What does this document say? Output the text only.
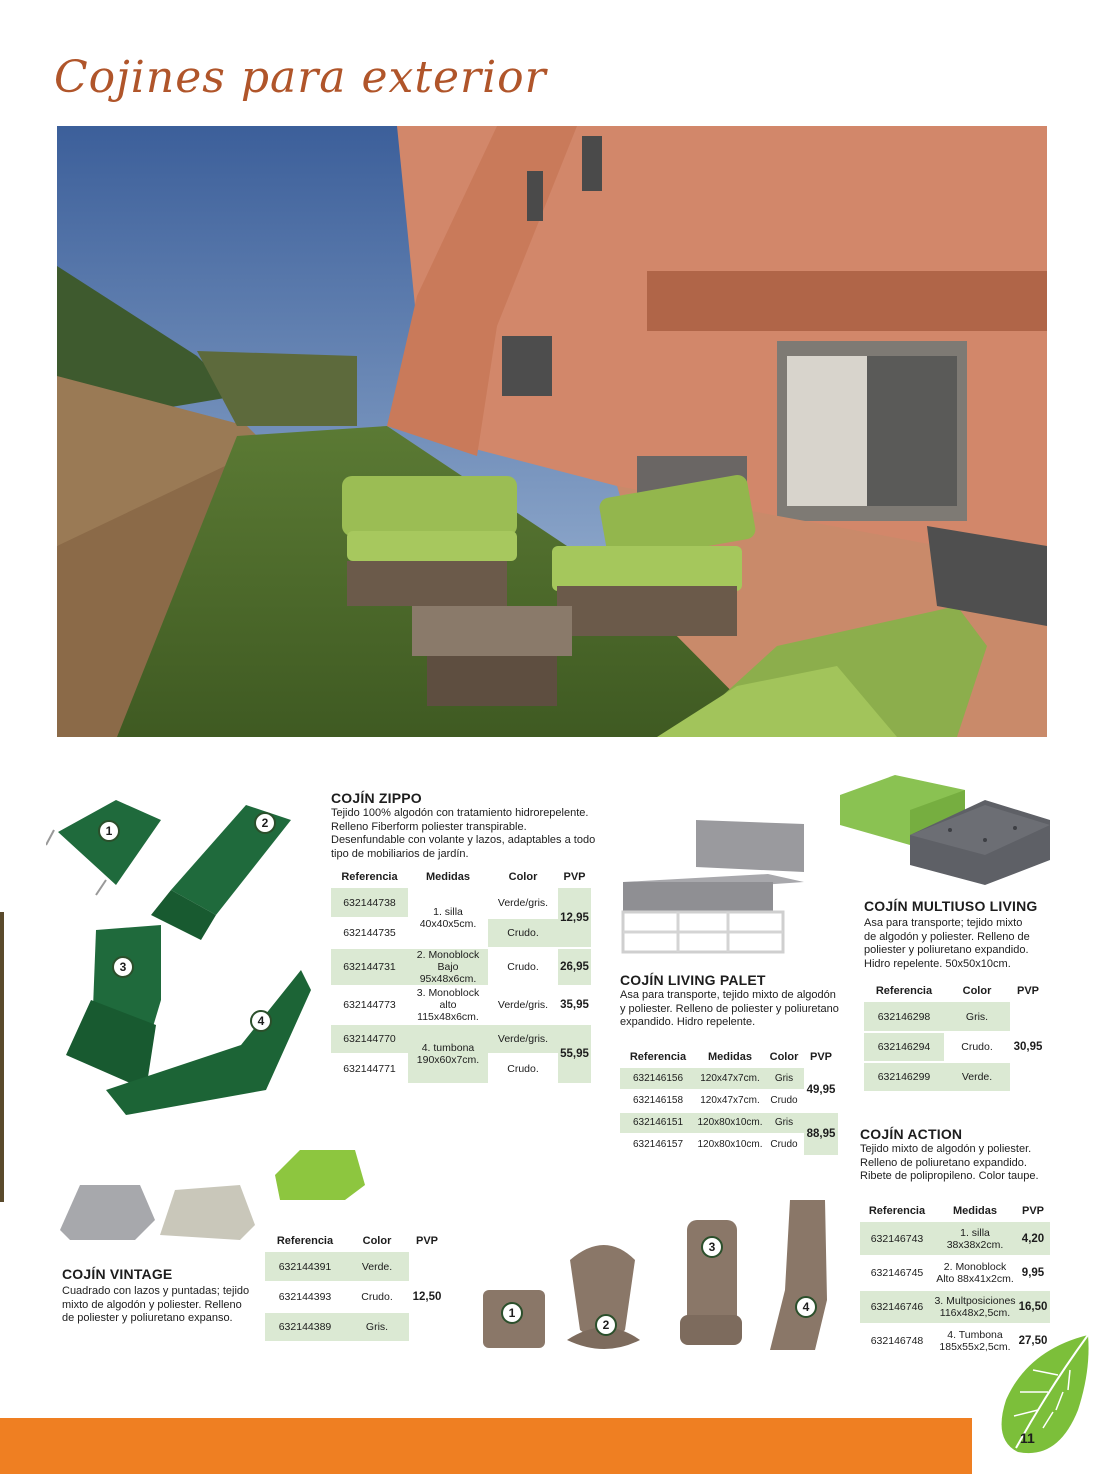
Cojines para exterior
1
2
3
4
COJÍN ZIPPO
Tejido 100% algodón con tratamiento hidrorepelente.
Relleno Fiberform poliester transpirable.
Desenfundable con volante y lazos, adaptables a todo
tipo de mobiliarios de jardín.
Referencia	Medidas	Color	PVP
632144738	1. silla 40x40x5cm.	Verde/gris.	12,95
632144735		Crudo.	
632144731	2. Monoblock Bajo 95x48x6cm.	Crudo.	26,95
632144773	3. Monoblock alto 115x48x6cm.	Verde/gris.	35,95
632144770	4. tumbona 190x60x7cm.	Verde/gris.	55,95
632144771		Crudo.	
COJÍN LIVING PALET
Asa para transporte, tejido mixto de algodón
y poliester. Relleno de poliester y poliuretano
expandido. Hidro repelente.
Referencia	Medidas	Color	PVP
632146156	120x47x7cm.	Gris	49,95
632146158	120x47x7cm.	Crudo	
632146151	120x80x10cm.	Gris	88,95
632146157	120x80x10cm.	Crudo	
COJÍN MULTIUSO LIVING
Asa para transporte; tejido mixto
de algodón y poliester. Relleno de
poliester y poliuretano expandido.
Hidro repelente. 50x50x10cm.
Referencia	Color	PVP
632146298	Gris.	30,95
632146294	Crudo.	
632146299	Verde.	
COJÍN ACTION
Tejido mixto de algodón y poliester.
Relleno de poliuretano expandido.
Ribete de polipropileno. Color taupe.
Referencia	Medidas	PVP
632146743	1. silla 38x38x2cm.	4,20
632146745	2. Monoblock Alto 88x41x2cm.	9,95
632146746	3. Multposiciones 116x48x2,5cm.	16,50
632146748	4. Tumbona 185x55x2,5cm.	27,50
1
2
3
4
COJÍN VINTAGE
Cuadrado con lazos y puntadas; tejido
mixto de algodón y poliester. Relleno
de poliester y poliuretano expanso.
Referencia	Color	PVP
632144391	Verde.	12,50
632144393	Crudo.	
632144389	Gris.	
11
